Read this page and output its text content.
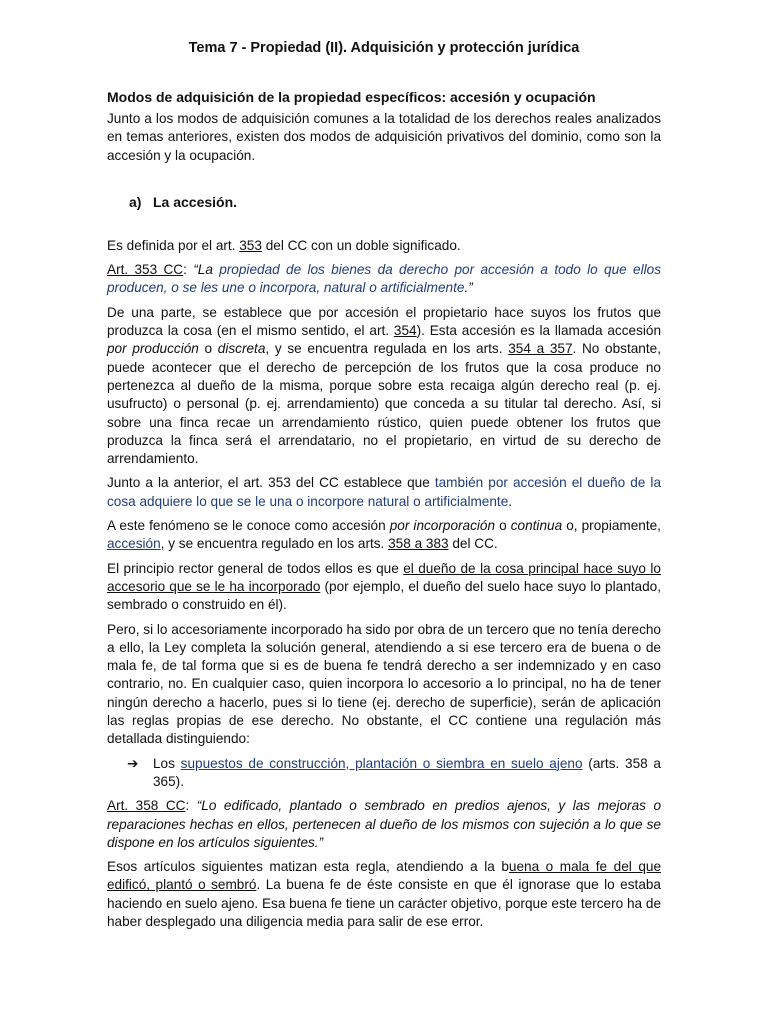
Tema 7 - Propiedad (II). Adquisición y protección jurídica
Modos de adquisición de la propiedad específicos: accesión y ocupación

Junto a los modos de adquisición comunes a la totalidad de los derechos reales analizados en temas anteriores, existen dos modos de adquisición privativos del dominio, como son la accesión y la ocupación.

a) La accesión.

Es definida por el art. 353 del CC con un doble significado.

Art. 353 CC: “La propiedad de los bienes da derecho por accesión a todo lo que ellos producen, o se les une o incorpora, natural o artificialmente.”

De una parte, se establece que por accesión el propietario hace suyos los frutos que produzca la cosa (en el mismo sentido, el art. 354). Esta accesión es la llamada accesión por producción o discreta, y se encuentra regulada en los arts. 354 a 357. No obstante, puede acontecer que el derecho de percepción de los frutos que la cosa produce no pertenezca al dueño de la misma, porque sobre esta recaiga algún derecho real (p. ej. usufructo) o personal (p. ej. arrendamiento) que conceda a su titular tal derecho. Así, si sobre una finca recae un arrendamiento rústico, quien puede obtener los frutos que produzca la finca será el arrendatario, no el propietario, en virtud de su derecho de arrendamiento.

Junto a la anterior, el art. 353 del CC establece que también por accesión el dueño de la cosa adquiere lo que se le una o incorpore natural o artificialmente.

A este fenómeno se le conoce como accesión por incorporación o continua o, propiamente, accesión, y se encuentra regulado en los arts. 358 a 383 del CC.

El principio rector general de todos ellos es que el dueño de la cosa principal hace suyo lo accesorio que se le ha incorporado (por ejemplo, el dueño del suelo hace suyo lo plantado, sembrado o construido en él).

Pero, si lo accesoriamente incorporado ha sido por obra de un tercero que no tenía derecho a ello, la Ley completa la solución general, atendiendo a si ese tercero era de buena o de mala fe, de tal forma que si es de buena fe tendrá derecho a ser indemnizado y en caso contrario, no. En cualquier caso, quien incorpora lo accesorio a lo principal, no ha de tener ningún derecho a hacerlo, pues si lo tiene (ej. derecho de superficie), serán de aplicación las reglas propias de ese derecho. No obstante, el CC contiene una regulación más detallada distinguiendo:

➔	Los supuestos de construcción, plantación o siembra en suelo ajeno (arts. 358 a 365).

Art. 358 CC: “Lo edificado, plantado o sembrado en predios ajenos, y las mejoras o reparaciones hechas en ellos, pertenecen al dueño de los mismos con sujeción a lo que se dispone en los artículos siguientes.”

Esos artículos siguientes matizan esta regla, atendiendo a la buena o mala fe del que edificó, plantó o sembró. La buena fe de éste consiste en que él ignorase que lo estaba haciendo en suelo ajeno. Esa buena fe tiene un carácter objetivo, porque este tercero ha de haber desplegado una diligencia media para salir de ese error.
